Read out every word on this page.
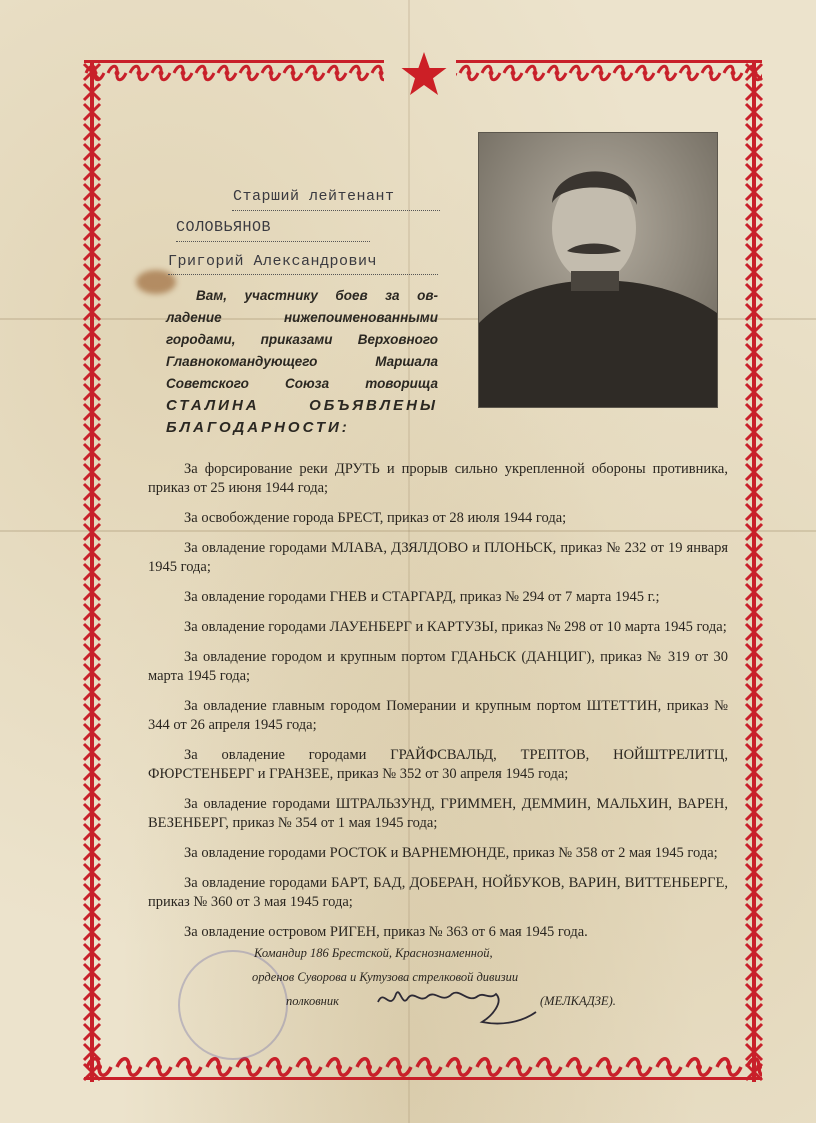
Старший лейтенант
СОЛОВЬЯНОВ
Григорий Александрович
Вам, участнику боев за ов-
ладение нижепоименованными
городами, приказами Верховного
Главнокомандующего Маршала
Советского Союза товорища
СТАЛИНА ОБЪЯВЛЕНЫ
БЛАГОДАРНОСТИ:
За форсирование реки ДРУТЬ и прорыв сильно укрепленной обороны противника, приказ от 25 июня 1944 года;
За освобождение города БРЕСТ, приказ от 28 июля 1944 года;
За овладение городами МЛАВА, ДЗЯЛДОВО и ПЛОНЬСК, приказ № 232 от 19 января 1945 года;
За овладение городами ГНЕВ и СТАРГАРД, приказ № 294 от 7 марта 1945 г.;
За овладение городами ЛАУЕНБЕРГ и КАРТУЗЫ, приказ № 298 от 10 марта 1945 года;
За овладение городом и крупным портом ГДАНЬСК (ДАНЦИГ), приказ № 319 от 30 марта 1945 года;
За овладение главным городом Померании и крупным портом ШТЕТТИН, приказ № 344 от 26 апреля 1945 года;
За овладение городами ГРАЙФСВАЛЬД, ТРЕПТОВ, НОЙШТРЕЛИТЦ, ФЮРСТЕНБЕРГ и ГРАНЗЕЕ, приказ № 352 от 30 апреля 1945 года;
За овладение городами ШТРАЛЬЗУНД, ГРИММЕН, ДЕММИН, МАЛЬХИН, ВАРЕН, ВЕЗЕНБЕРГ, приказ № 354 от 1 мая 1945 года;
За овладение городами РОСТОК и ВАРНЕМЮНДЕ, приказ № 358 от 2 мая 1945 года;
За овладение городами БАРТ, БАД, ДОБЕРАН, НОЙБУКОВ, ВАРИН, ВИТТЕНБЕРГЕ, приказ № 360 от 3 мая 1945 года;
За овладение островом РИГЕН, приказ № 363 от 6 мая 1945 года.
Командир 186 Брестской, Краснознаменной,
орденов Суворова и Кутузова стрелковой дивизии
полковник	(МЕЛКАДЗЕ).
